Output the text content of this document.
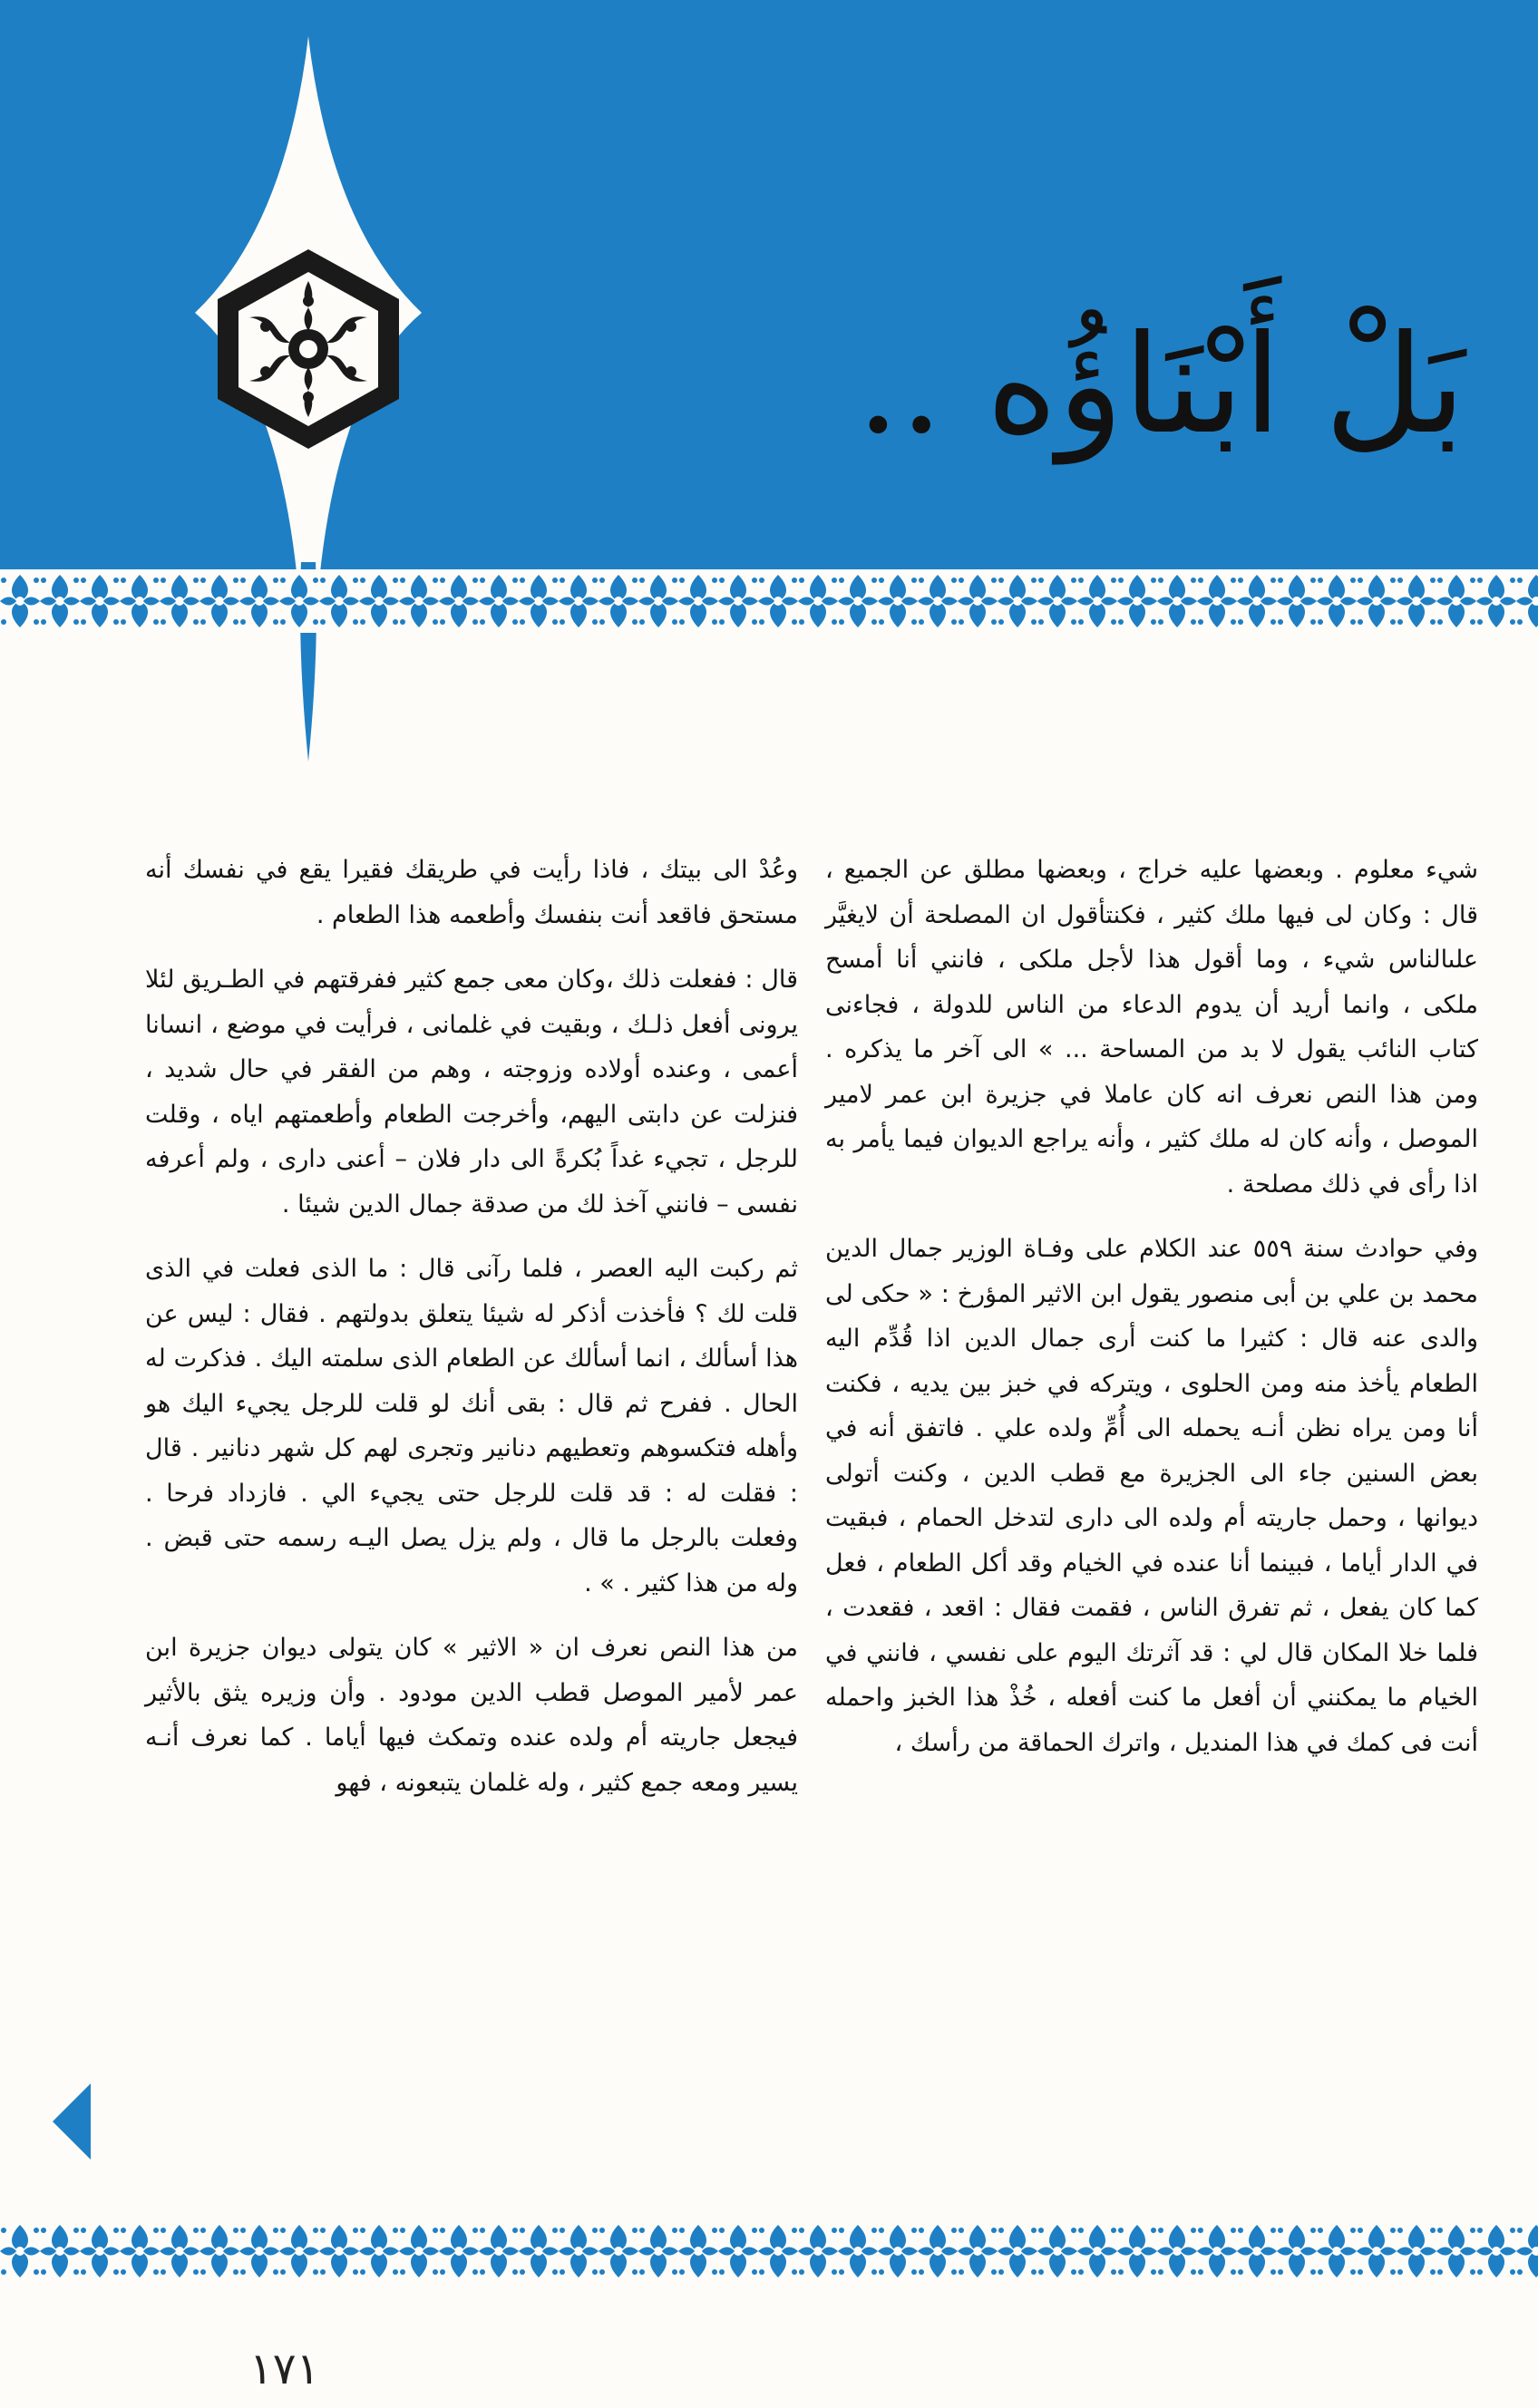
بَلْ أَبْنَاؤُه ..

شيء معلوم . وبعضها عليه خراج ، وبعضها مطلق عن الجميع ، قال : وكان لى فيها ملك كثير ، فكنتأقول ان المصلحة أن لايغيَّر علىالناس شيء ، وما أقول هذا لأجل ملكى ، فانني أنا أمسح ملكى ، وانما أريد أن يدوم الدعاء من الناس للدولة ، فجاءنى كتاب النائب يقول لا بد من المساحة ... » الى آخر ما يذكره . ومن هذا النص نعرف انه كان عاملا في جزيرة ابن عمر لامير الموصل ، وأنه كان له ملك كثير ، وأنه يراجع الديوان فيما يأمر به اذا رأى في ذلك مصلحة .

وفي حوادث سنة ٥٥٩ عند الكلام على وفـاة الوزير جمال الدين محمد بن علي بن أبى منصور يقول ابن الاثير المؤرخ : « حكى لى والدى عنه قال : كثيرا ما كنت أرى جمال الدين اذا قُدِّم اليه الطعام يأخذ منه ومن الحلوى ، ويتركه في خبز بين يديه ، فكنت أنا ومن يراه نظن أنـه يحمله الى أُمِّ ولده علي . فاتفق أنه في بعض السنين جاء الى الجزيرة مع قطب الدين ، وكنت أتولى ديوانها ، وحمل جاريته أم ولده الى دارى لتدخل الحمام ، فبقيت في الدار أياما ، فبينما أنا عنده في الخيام وقد أكل الطعام ، فعل كما كان يفعل ، ثم تفرق الناس ، فقمت فقال : اقعد ، فقعدت ، فلما خلا المكان قال لي : قد آثرتك اليوم على نفسي ، فانني في الخيام ما يمكنني أن أفعل ما كنت أفعله ، خُذْ هذا الخبز واحمله أنت فى كمك في هذا المنديل ، واترك الحماقة من رأسك ،

وعُدْ الى بيتك ، فاذا رأيت في طريقك فقيرا يقع في نفسك أنه مستحق فاقعد أنت بنفسك وأطعمه هذا الطعام .

قال : ففعلت ذلك ،وكان معى جمع كثير ففرقتهم في الطـريق لئلا يرونى أفعل ذلـك ، وبقيت في غلمانى ، فرأيت في موضع ، انسانا أعمى ، وعنده أولاده وزوجته ، وهم من الفقر في حال شديد ، فنزلت عن دابتى اليهم، وأخرجت الطعام وأطعمتهم اياه ، وقلت للرجل ، تجيء غداً بُكرةً الى دار فلان – أعنى دارى ، ولم أعرفه نفسى – فانني آخذ لك من صدقة جمال الدين شيئا .

ثم ركبت اليه العصر ، فلما رآنى قال : ما الذى فعلت في الذى قلت لك ؟ فأخذت أذكر له شيئا يتعلق بدولتهم . فقال : ليس عن هذا أسألك ، انما أسألك عن الطعام الذى سلمته اليك . فذكرت له الحال . ففرح ثم قال : بقى أنك لو قلت للرجل يجيء اليك هو وأهله فتكسوهم وتعطيهم دنانير وتجرى لهم كل شهر دنانير . قال : فقلت له : قد قلت للرجل حتى يجيء الي . فازداد فرحا . وفعلت بالرجل ما قال ، ولم يزل يصل اليـه رسمه حتى قبض . وله من هذا كثير . » .

من هذا النص نعرف ان « الاثير » كان يتولى ديوان جزيرة ابن عمر لأمير الموصل قطب الدين مودود . وأن وزيره يثق بالأثير فيجعل جاريته أم ولده عنده وتمكث فيها أياما . كما نعرف أنـه يسير ومعه جمع كثير ، وله غلمان يتبعونه ، فهو

١٧١
